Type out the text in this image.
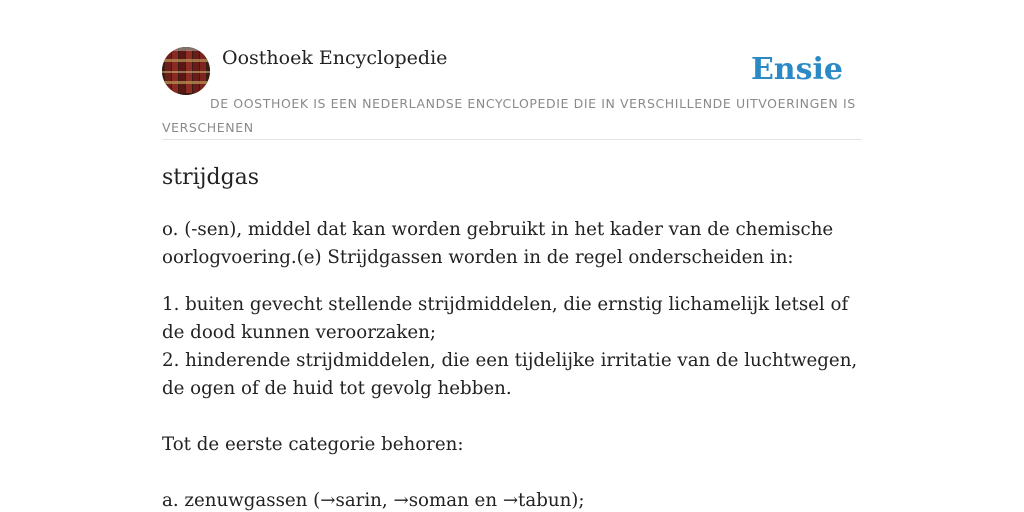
Oosthoek Encyclopedie	Ensie
DE OOSTHOEK IS EEN NEDERLANDSE ENCYCLOPEDIE DIE IN VERSCHILLENDE UITVOERINGEN IS VERSCHENEN
strijdgas

o. (-sen), middel dat kan worden gebruikt in het kader van de chemische oorlogvoering.(e) Strijdgassen worden in de regel onderscheiden in:

1. buiten gevecht stellende strijdmiddelen, die ernstig lichamelijk letsel of de dood kunnen veroorzaken;

2. hinderende strijdmiddelen, die een tijdelijke irritatie van de luchtwegen, de ogen of de huid tot gevolg hebben.

Tot de eerste categorie behoren:

a. zenuwgassen (→sarin, →soman en →tabun);
